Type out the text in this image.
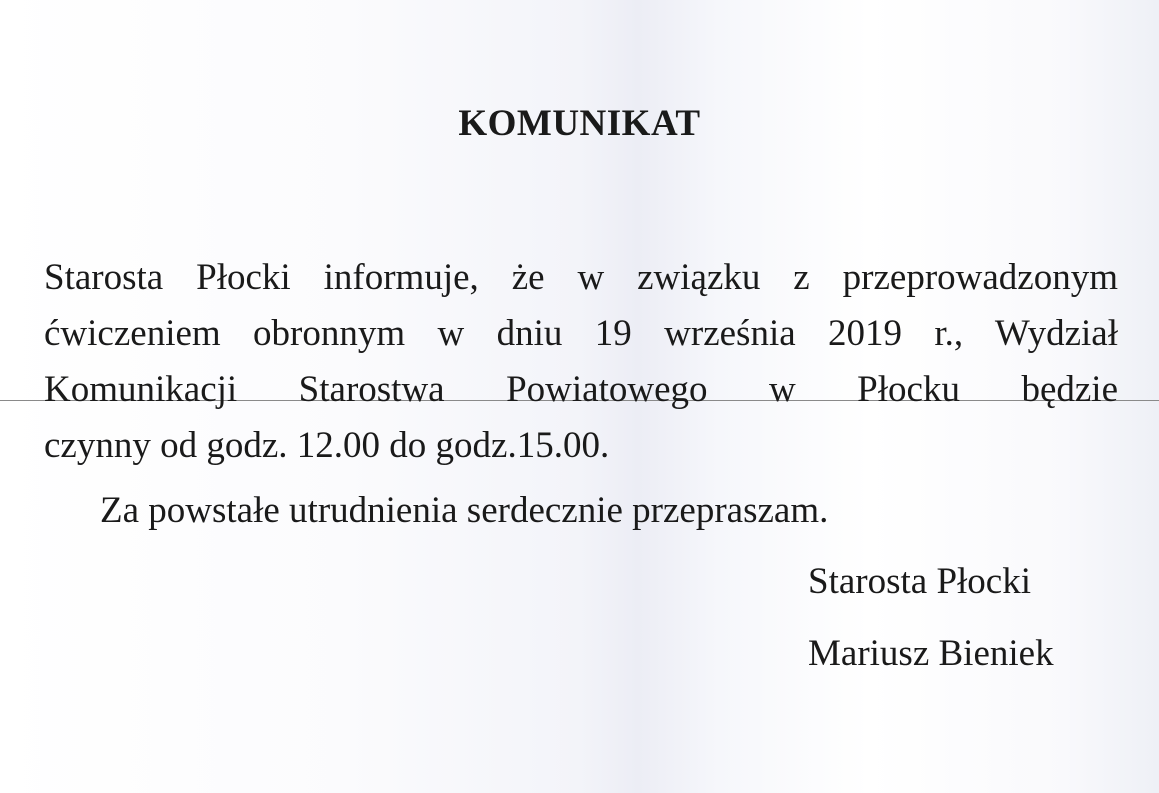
KOMUNIKAT
Starosta Płocki informuje, że w związku z przeprowadzonym
ćwiczeniem obronnym w dniu 19 września 2019 r., Wydział
Komunikacji Starostwa Powiatowego w Płocku będzie
czynny od godz. 12.00 do godz.15.00.
Za powstałe utrudnienia serdecznie przepraszam.
Starosta Płocki
Mariusz Bieniek
